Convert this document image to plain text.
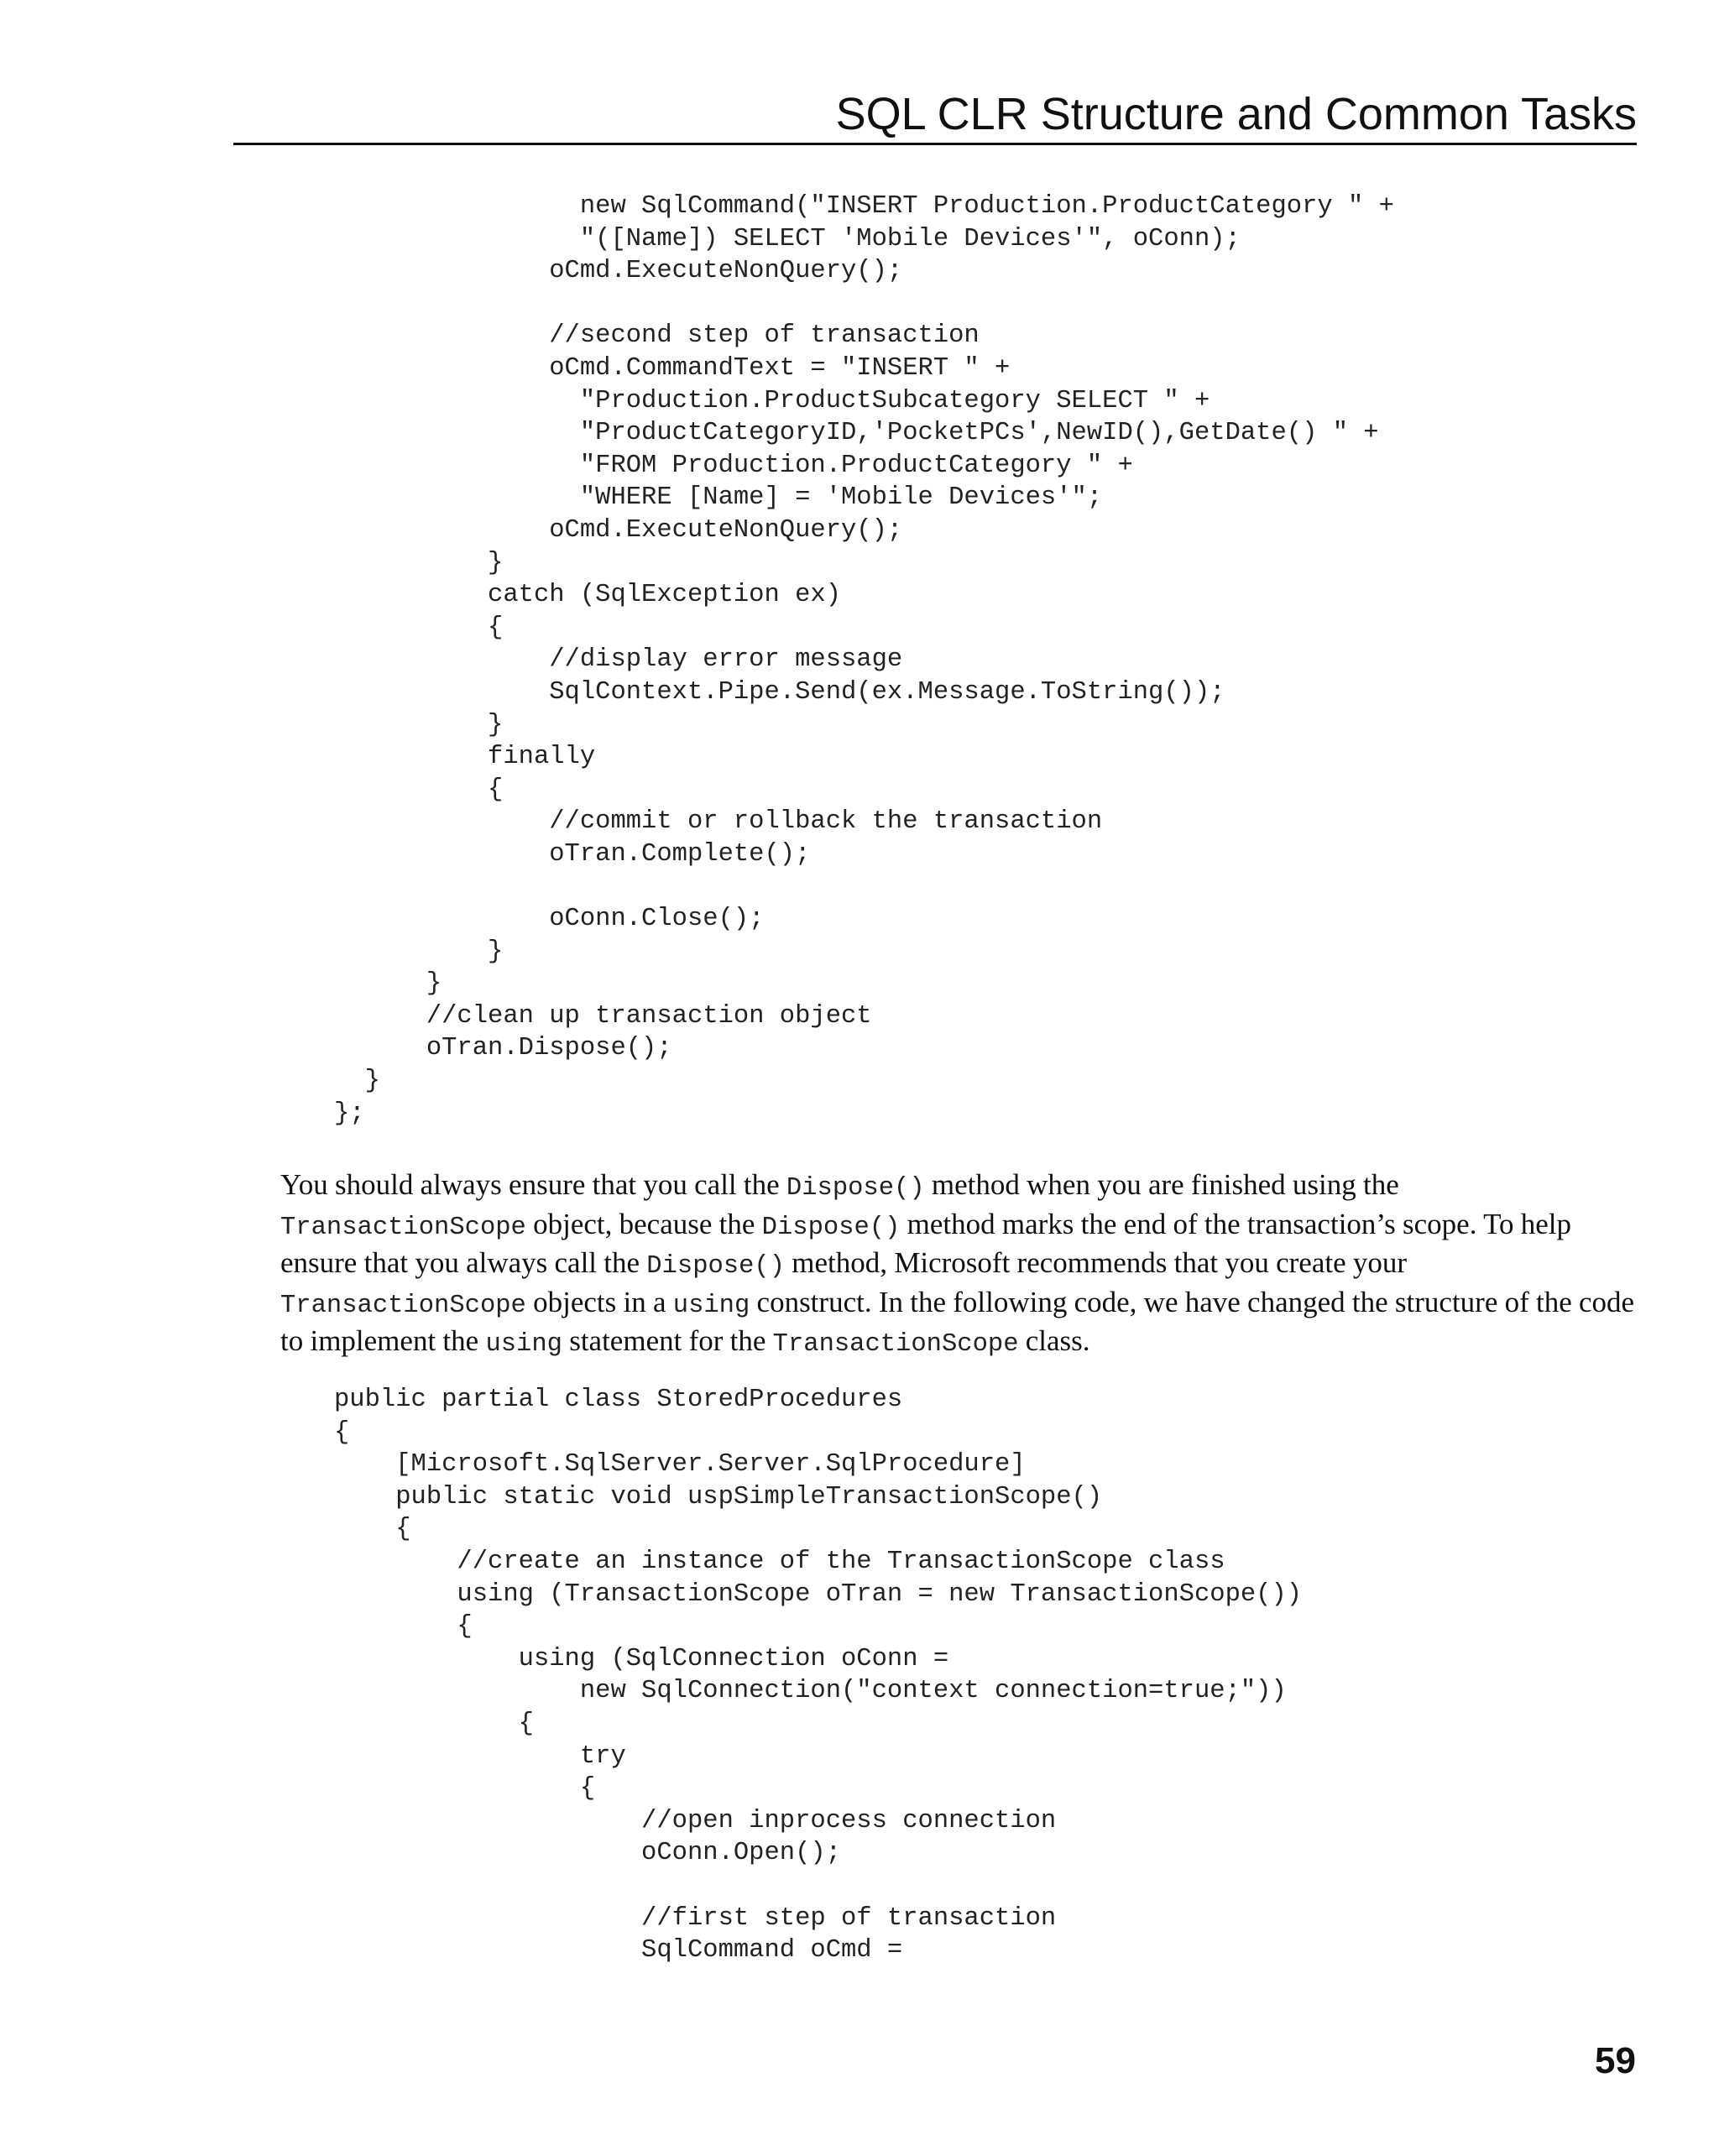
SQL CLR Structure and Common Tasks
new SqlCommand("INSERT Production.ProductCategory " +
"([Name]) SELECT 'Mobile Devices'", oConn);
oCmd.ExecuteNonQuery();

//second step of transaction
oCmd.CommandText = "INSERT " +
"Production.ProductSubcategory SELECT " +
"ProductCategoryID,'PocketPCs',NewID(),GetDate() " +
"FROM Production.ProductCategory " +
"WHERE [Name] = 'Mobile Devices'";
oCmd.ExecuteNonQuery();
}
catch (SqlException ex)
{
//display error message
SqlContext.Pipe.Send(ex.Message.ToString());
}
finally
{
//commit or rollback the transaction
oTran.Complete();

oConn.Close();
}
}
//clean up transaction object
oTran.Dispose();
}
};

You should always ensure that you call the Dispose() method when you are finished using the TransactionScope object, because the Dispose() method marks the end of the transaction’s scope. To help ensure that you always call the Dispose() method, Microsoft recommends that you create your TransactionScope objects in a using construct. In the following code, we have changed the structure of the code to implement the using statement for the TransactionScope class.

public partial class StoredProcedures
{
[Microsoft.SqlServer.Server.SqlProcedure]
public static void uspSimpleTransactionScope()
{
//create an instance of the TransactionScope class
using (TransactionScope oTran = new TransactionScope())
{
using (SqlConnection oConn =
new SqlConnection("context connection=true;"))
{
try
{
//open inprocess connection
oConn.Open();

//first step of transaction
SqlCommand oCmd =
59
